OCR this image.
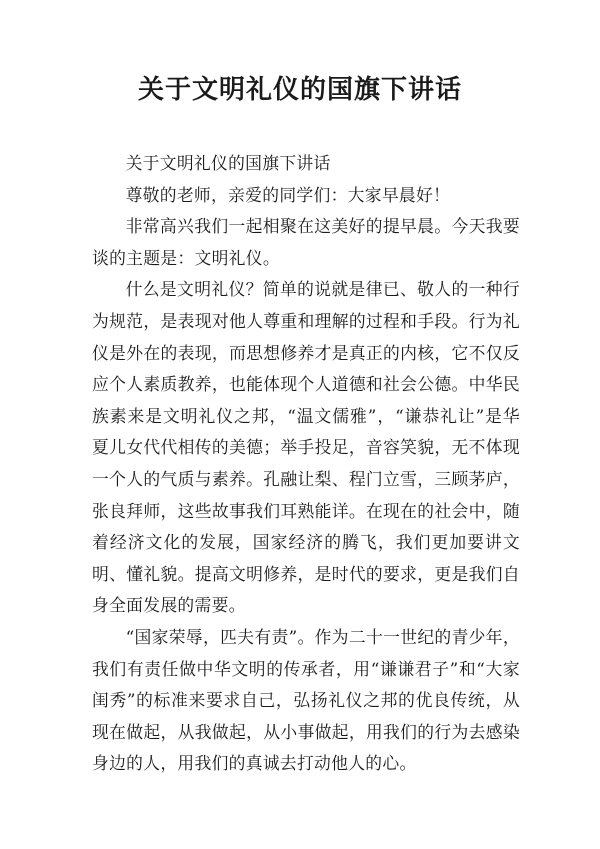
关于文明礼仪的国旗下讲话

关于文明礼仪的国旗下讲话

尊敬的老师，亲爱的同学们：大家早晨好！

非常高兴我们一起相聚在这美好的提早晨。今天我要谈的主题是：文明礼仪。

什么是文明礼仪？简单的说就是律已、敬人的一种行为规范，是表现对他人尊重和理解的过程和手段。行为礼仪是外在的表现，而思想修养才是真正的内核，它不仅反应个人素质教养，也能体现个人道德和社会公德。中华民族素来是文明礼仪之邦，“温文儒雅”，“谦恭礼让”是华夏儿女代代相传的美德；举手投足，音容笑貌，无不体现一个人的气质与素养。孔融让梨、程门立雪，三顾茅庐，张良拜师，这些故事我们耳熟能详。在现在的社会中，随着经济文化的发展，国家经济的腾飞，我们更加要讲文明、懂礼貌。提高文明修养，是时代的要求，更是我们自身全面发展的需要。

“国家荣辱，匹夫有责”。作为二十一世纪的青少年，我们有责任做中华文明的传承者，用“谦谦君子”和“大家闺秀”的标准来要求自己，弘扬礼仪之邦的优良传统，从现在做起，从我做起，从小事做起，用我们的行为去感染身边的人，用我们的真诚去打动他人的心。
